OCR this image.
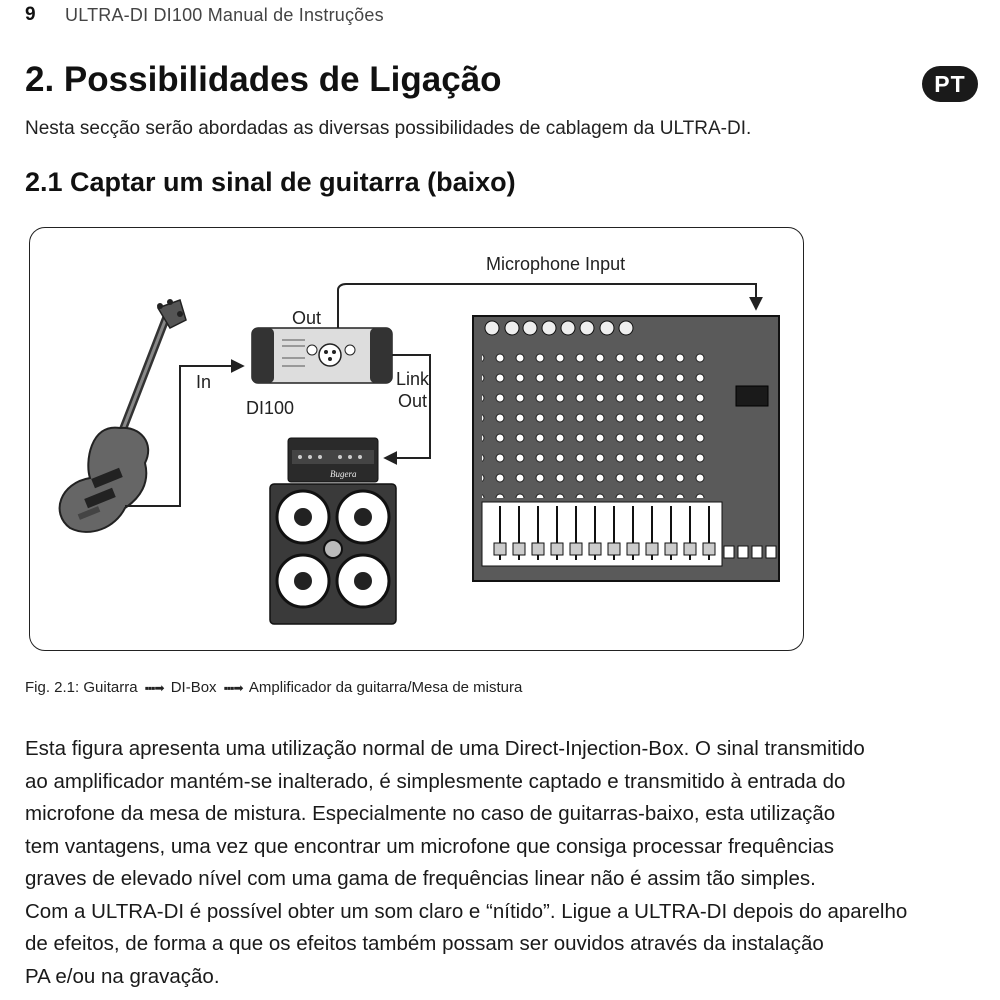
9 ULTRA-DI DI100 Manual de Instruções
2. Possibilidades de Ligação	PT
Nesta secção serão abordadas as diversas possibilidades de cablagem da ULTRA-DI.
2.1 Captar um sinal de guitarra (baixo)
In
DI100
Out
Microphone Input
Link
Out
Bugera
Fig. 2.1: Guitarra ▪▪▪➡ DI-Box ▪▪▪➡ Amplificador da guitarra/Mesa de mistura
Esta figura apresenta uma utilização normal de uma Direct-Injection-Box. O sinal transmitido
ao amplificador mantém-se inalterado, é simplesmente captado e transmitido à entrada do
microfone da mesa de mistura. Especialmente no caso de guitarras-baixo, esta utilização
tem vantagens, uma vez que encontrar um microfone que consiga processar frequências
graves de elevado nível com uma gama de frequências linear não é assim tão simples.
Com a ULTRA-DI é possível obter um som claro e “nítido”. Ligue a ULTRA-DI depois do aparelho
de efeitos, de forma a que os efeitos também possam ser ouvidos através da instalação
PA e/ou na gravação.
